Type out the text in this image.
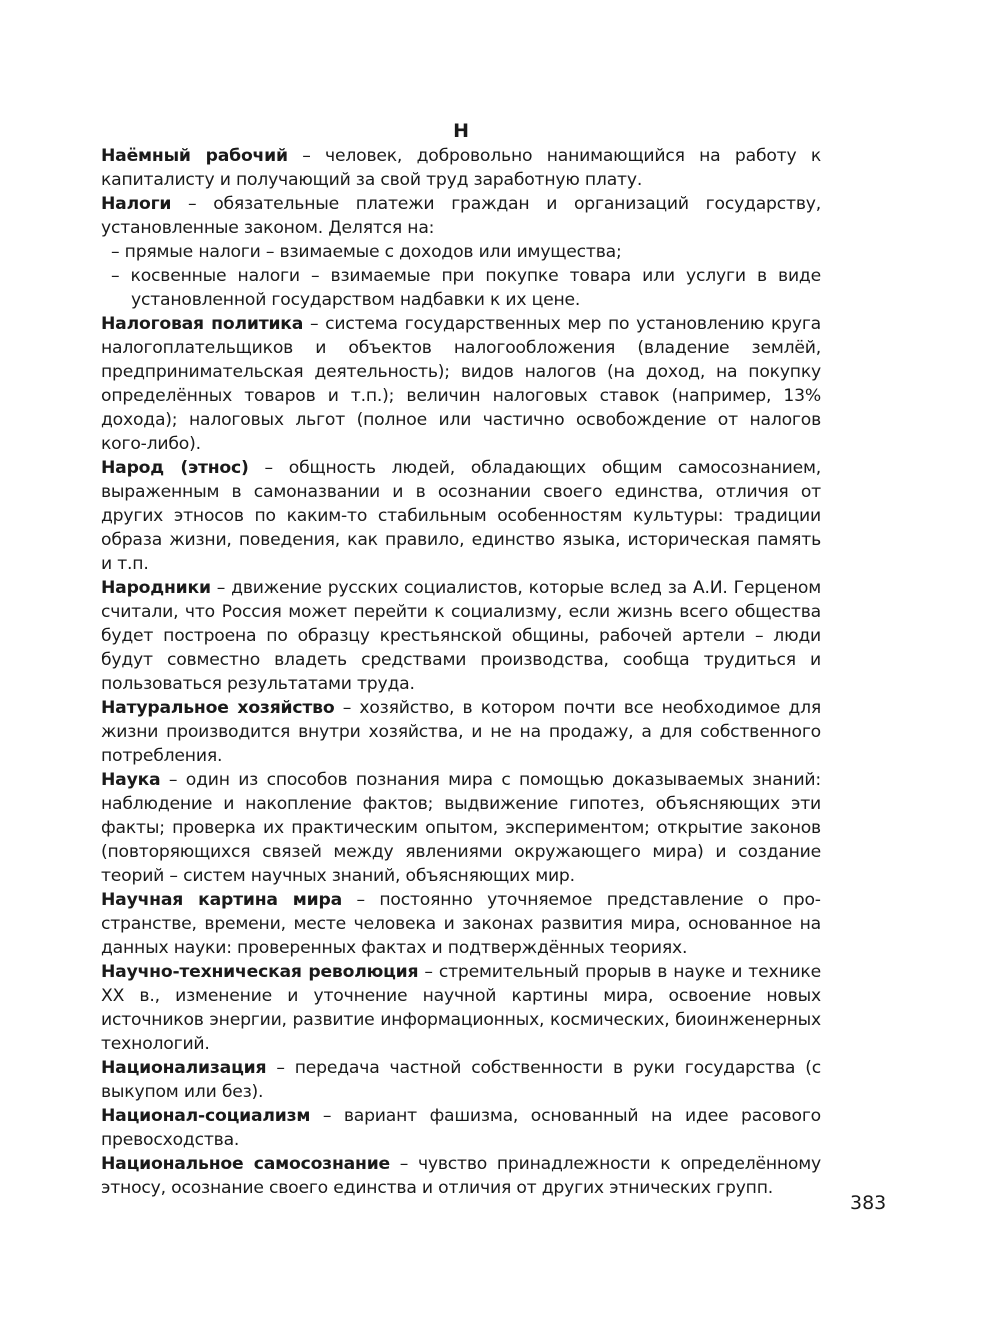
Н

Наёмный рабочий – человек, добровольно нанимающийся на работу к капиталисту и получающий за свой труд заработную плату.

Налоги – обязательные платежи граждан и организаций государству, установленные законом. Делятся на:

– прямые налоги – взимаемые с доходов или имущества;

– косвенные налоги – взимаемые при покупке товара или услуги в виде установленной государством надбавки к их цене.

Налоговая политика – система государственных мер по установлению круга налогоплательщиков и объектов налогообложения (владение землёй, предпринимательская деятельность); видов налогов (на доход, на покупку определённых товаров и т.п.); величин налоговых ставок (например, 13% дохода); налоговых льгот (полное или частично освобождение от налогов кого-либо).

Народ (этнос) – общность людей, обладающих общим самосознанием, выраженным в самоназвании и в осознании своего единства, отличия от других этносов по каким-то стабильным особенностям культуры: традиции образа жизни, поведения, как правило, единство языка, историческая память и т.п.

Народники – движение русских социалистов, которые вслед за А.И. Герценом считали, что Россия может перейти к социализму, если жизнь всего общества будет построена по образцу крестьянской общины, рабочей артели – люди будут совместно владеть средствами производства, сообща трудиться и пользоваться результатами труда.

Натуральное хозяйство – хозяйство, в котором почти все необходимое для жизни производится внутри хозяйства, и не на продажу, а для собственного потребления.

Наука – один из способов познания мира с помощью доказываемых знаний: наблюдение и накопление фактов; выдвижение гипотез, объясняющих эти факты; проверка их практическим опытом, экспериментом; открытие законов (повторяющихся связей между явлениями окружающего мира) и создание теорий – систем научных знаний, объясняющих мир.

Научная картина мира – постоянно уточняемое представление о пространстве, времени, месте человека и законах развития мира, основанное на данных науки: проверенных фактах и подтверждённых теориях.

Научно-техническая революция – стремительный прорыв в науке и технике XX в., изменение и уточнение научной картины мира, освоение новых источников энергии, развитие информационных, космических, биоинженерных технологий.

Национализация – передача частной собственности в руки государства (с выкупом или без).

Национал-социализм – вариант фашизма, основанный на идее расового превосходства.

Национальное самосознание – чувство принадлежности к определённому этносу, осознание своего единства и отличия от других этнических групп.

383
